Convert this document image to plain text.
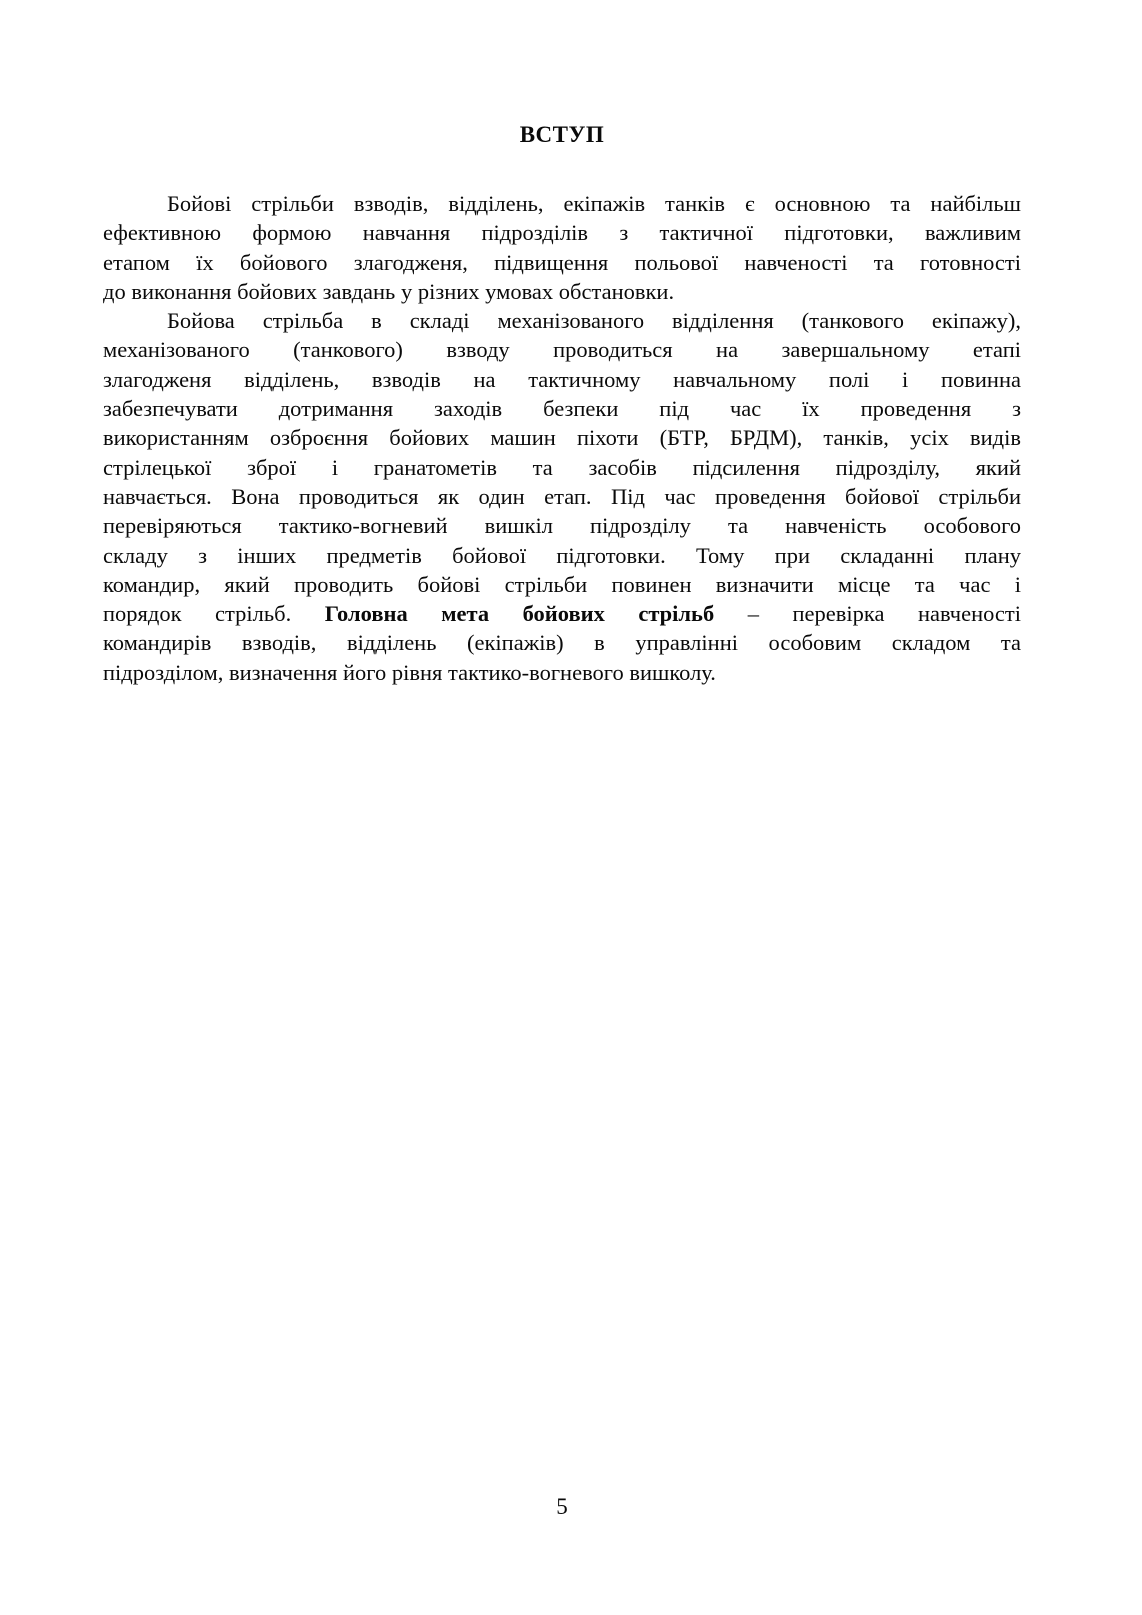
ВСТУП
Бойові стрільби взводів, відділень, екіпажів танків є основною та найбільш
ефективною формою навчання підрозділів з тактичної підготовки, важливим
етапом їх бойового злагодженя, підвищення польової навченості та готовності
до виконання бойових завдань у різних умовах обстановки.
Бойова стрільба в складі механізованого відділення (танкового екіпажу),
механізованого (танкового) взводу проводиться на завершальному етапі
злагодженя відділень, взводів на тактичному навчальному полі і повинна
забезпечувати дотримання заходів безпеки під час їх проведення з
використанням озброєння бойових машин піхоти (БТР, БРДМ), танків, усіх видів
стрілецької зброї і гранатометів та засобів підсилення підрозділу, який
навчається. Вона проводиться як один етап. Під час проведення бойової стрільби
перевіряються тактико-вогневий вишкіл підрозділу та навченість особового
складу з інших предметів бойової підготовки. Тому при складанні плану
командир, який проводить бойові стрільби повинен визначити місце та час і
порядок стрільб. Головна мета бойових стрільб – перевірка навченості
командирів взводів, відділень (екіпажів) в управлінні особовим складом та
підрозділом, визначення його рівня тактико-вогневого вишколу.
5
